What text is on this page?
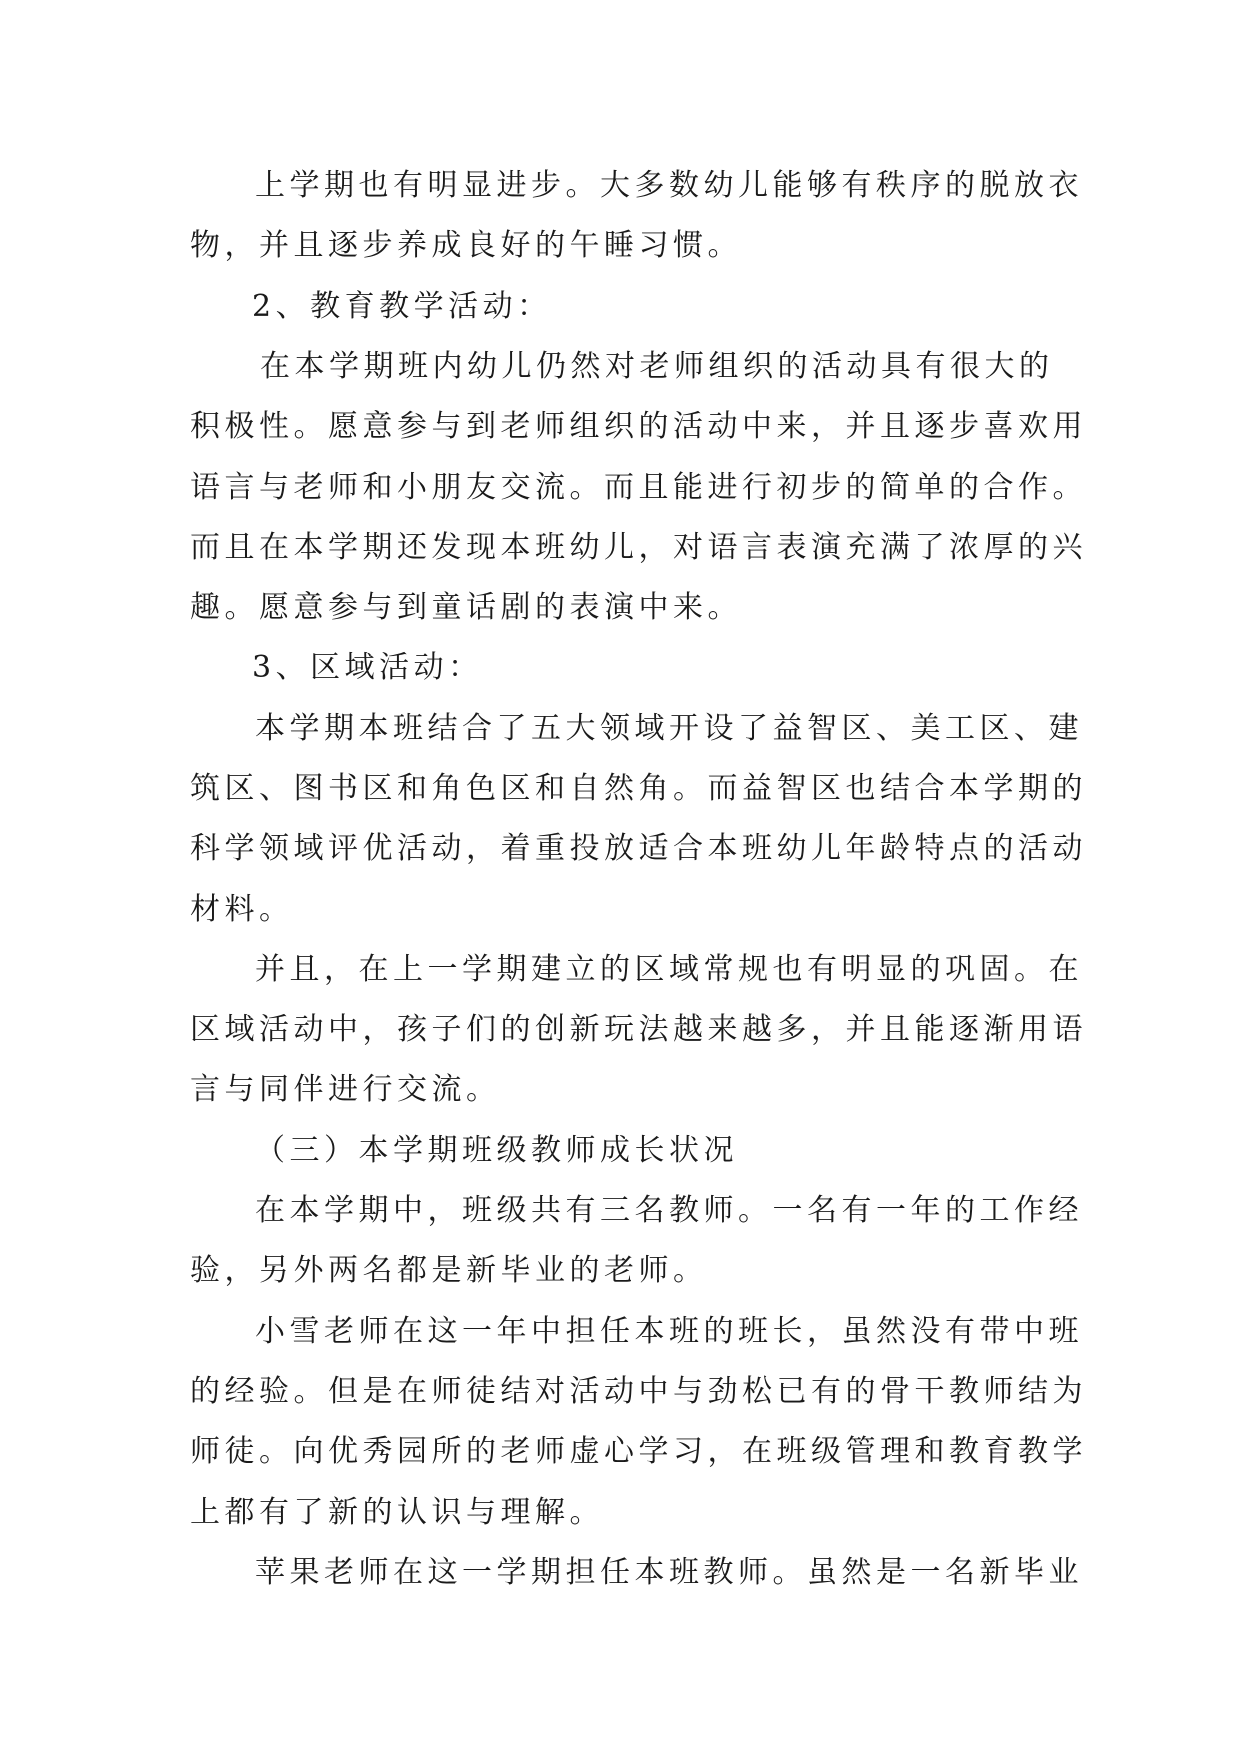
上学期也有明显进步。大多数幼儿能够有秩序的脱放衣
物，并且逐步养成良好的午睡习惯。
2、教育教学活动：
在本学期班内幼儿仍然对老师组织的活动具有很大的
积极性。愿意参与到老师组织的活动中来，并且逐步喜欢用
语言与老师和小朋友交流。而且能进行初步的简单的合作。
而且在本学期还发现本班幼儿，对语言表演充满了浓厚的兴
趣。愿意参与到童话剧的表演中来。
3、区域活动：
本学期本班结合了五大领域开设了益智区、美工区、建
筑区、图书区和角色区和自然角。而益智区也结合本学期的
科学领域评优活动，着重投放适合本班幼儿年龄特点的活动
材料。
并且，在上一学期建立的区域常规也有明显的巩固。在
区域活动中，孩子们的创新玩法越来越多，并且能逐渐用语
言与同伴进行交流。
（三）本学期班级教师成长状况
在本学期中，班级共有三名教师。一名有一年的工作经
验，另外两名都是新毕业的老师。
小雪老师在这一年中担任本班的班长，虽然没有带中班
的经验。但是在师徒结对活动中与劲松已有的骨干教师结为
师徒。向优秀园所的老师虚心学习，在班级管理和教育教学
上都有了新的认识与理解。
苹果老师在这一学期担任本班教师。虽然是一名新毕业
